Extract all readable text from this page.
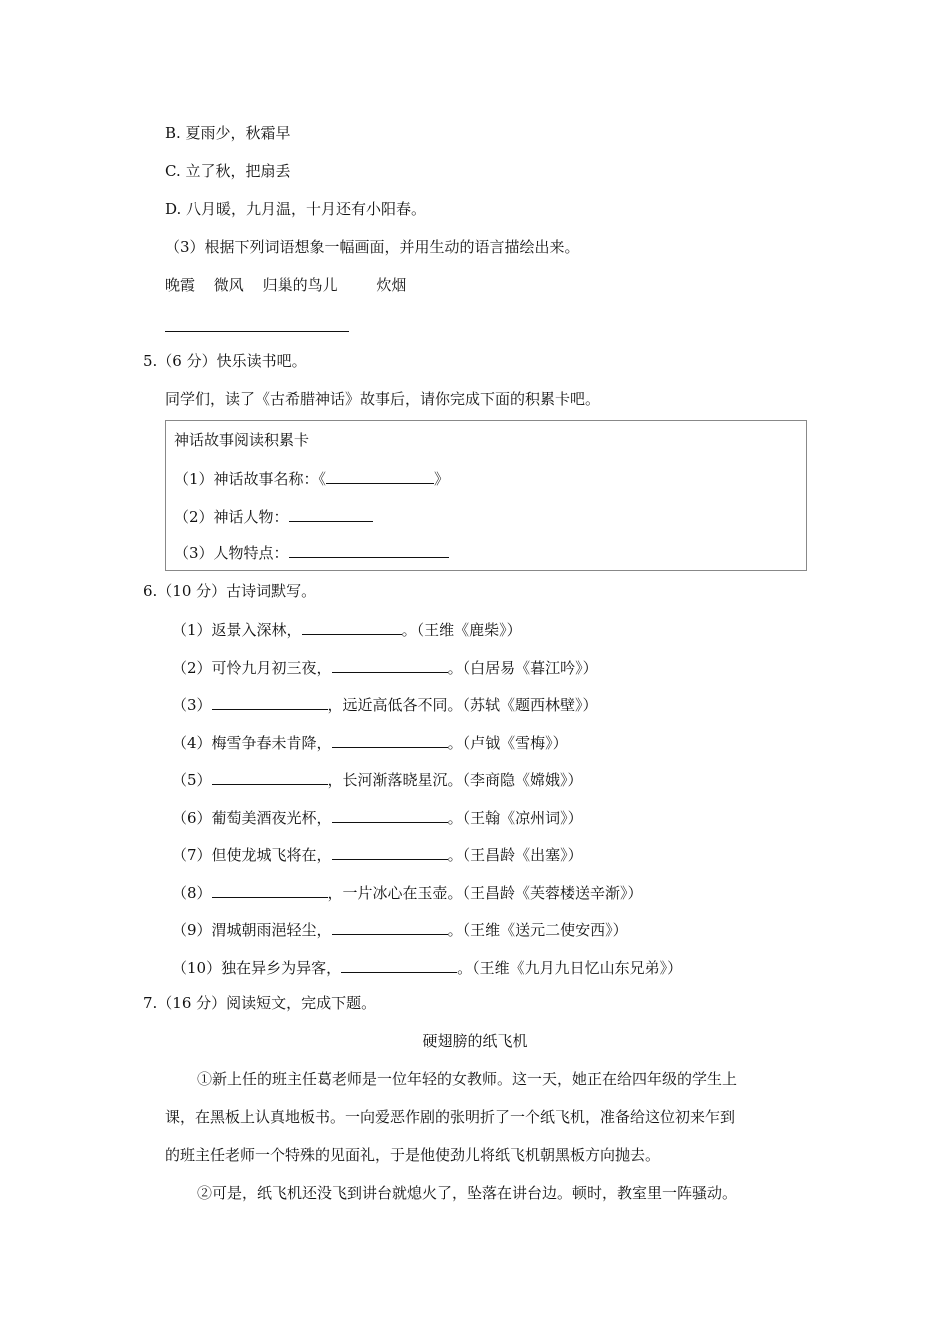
B. 夏雨少，秋霜早
C. 立了秋，把扇丢
D. 八月暖，九月温，十月还有小阳春。
（3）根据下列词语想象一幅画面，并用生动的语言描绘出来。
晚霞 微风 归巢的鸟儿	炊烟
5.（6 分）快乐读书吧。
同学们，读了《古希腊神话》故事后，请你完成下面的积累卡吧。
神话故事阅读积累卡
（1）神话故事名称：《	》
（2）神话人物：
（3）人物特点：
6.（10 分）古诗词默写。
（1）返景入深林，	。（王维《鹿柴》）
（2）可怜九月初三夜，	。（白居易《暮江吟》）
（3）	，远近高低各不同。（苏轼《题西林壁》）
（4）梅雪争春未肯降，	。（卢钺《雪梅》）
（5）	，长河渐落晓星沉。（李商隐《嫦娥》）
（6）葡萄美酒夜光杯，	。（王翰《凉州词》）
（7）但使龙城飞将在，	。（王昌龄《出塞》）
（8）	，一片冰心在玉壶。（王昌龄《芙蓉楼送辛渐》）
（9）渭城朝雨浥轻尘，	。（王维《送元二使安西》）
（10）独在异乡为异客，	。（王维《九月九日忆山东兄弟》）
7.（16 分）阅读短文，完成下题。
硬翅膀的纸飞机
①新上任的班主任葛老师是一位年轻的女教师。这一天，她正在给四年级的学生上
课，在黑板上认真地板书。一向爱恶作剧的张明折了一个纸飞机，准备给这位初来乍到
的班主任老师一个特殊的见面礼，于是他使劲儿将纸飞机朝黑板方向抛去。
②可是，纸飞机还没飞到讲台就熄火了，坠落在讲台边。顿时，教室里一阵骚动。
